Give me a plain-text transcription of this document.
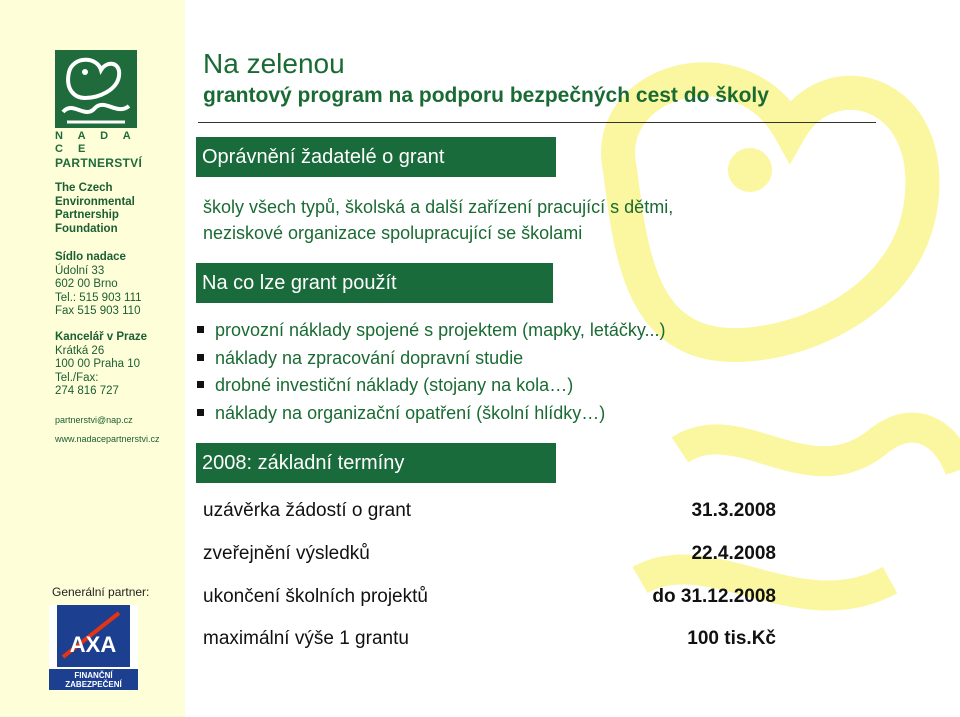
N A D A C E
PARTNERSTVÍ
The Czech
Environmental
Partnership
Foundation
Sídlo nadace
Údolní 33
602 00 Brno
Tel.: 515 903 111
Fax 515 903 110
Kancelář v Praze
Krátká 26
100 00 Praha 10
Tel./Fax:
274 816 727
partnerstvi@nap.cz
www.nadacepartnerstvi.cz
Generální partner:
AXA
FINANČNÍ
ZABEZPEČENÍ
Na zelenou
grantový program na podporu bezpečných cest do školy
Oprávnění žadatelé o grant
školy všech typů, školská a další zařízení pracující s dětmi,
neziskové organizace spolupracující se školami
Na co lze grant použít
provozní náklady spojené s projektem (mapky, letáčky...)
náklady na zpracování dopravní studie
drobné investiční náklady (stojany na kola…)
náklady na organizační opatření (školní hlídky…)
2008: základní termíny
uzávěrka žádostí o grant	31.3.2008
zveřejnění výsledků	22.4.2008
ukončení školních projektů	do 31.12.2008
maximální výše 1 grantu	100 tis.Kč
